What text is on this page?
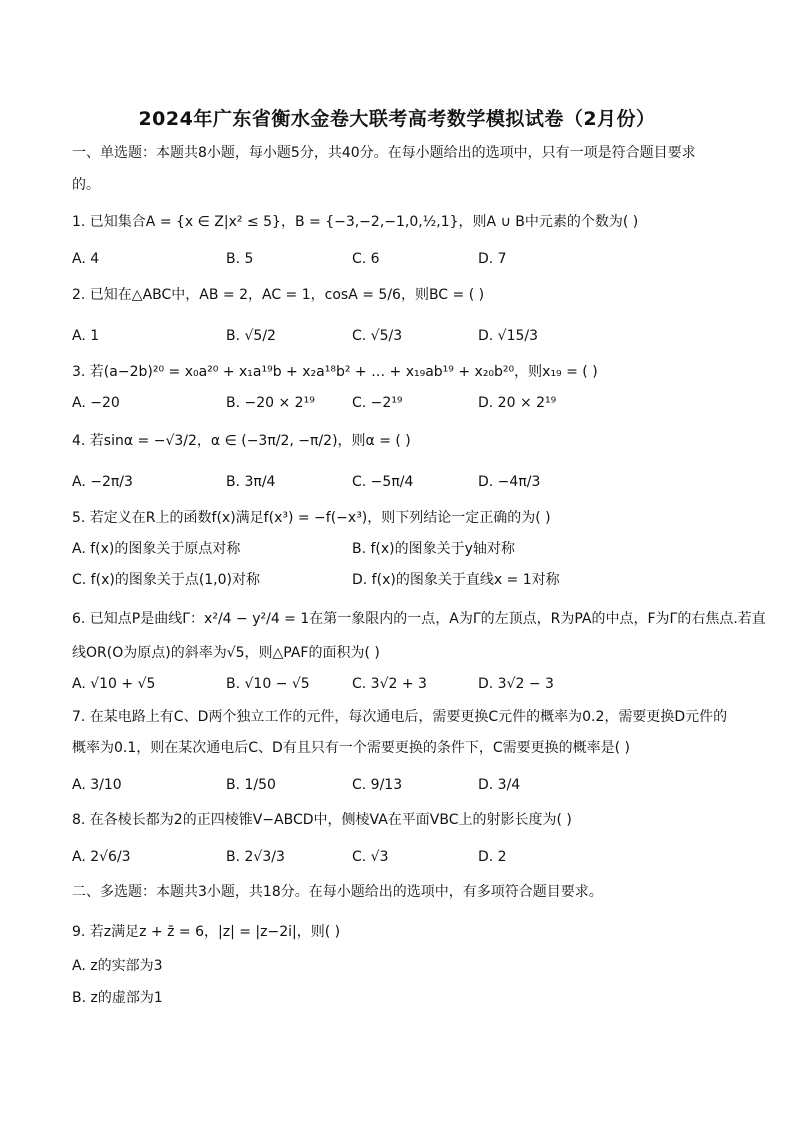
2024年广东省衡水金卷大联考高考数学模拟试卷（2月份）
一、单选题：本题共8小题，每小题5分，共40分。在每小题给出的选项中，只有一项是符合题目要求
的。
1. 已知集合A = {x ∈ Z|x² ≤ 5}，B = {−3,−2,−1,0,½,1}，则A ∪ B中元素的个数为( )
A. 4	B. 5	C. 6	D. 7
2. 已知在△ABC中，AB = 2，AC = 1，cosA = 5/6，则BC = ( )
A. 1	B. √5/2	C. √5/3	D. √15/3
3. 若(a−2b)²⁰ = x₀a²⁰ + x₁a¹⁹b + x₂a¹⁸b² + … + x₁₉ab¹⁹ + x₂₀b²⁰，则x₁₉ = ( )
A. −20	B. −20 × 2¹⁹	C. −2¹⁹	D. 20 × 2¹⁹
4. 若sinα = −√3/2，α ∈ (−3π/2, −π/2)，则α = ( )
A. −2π/3	B. 3π/4	C. −5π/4	D. −4π/3
5. 若定义在R上的函数f(x)满足f(x³) = −f(−x³)，则下列结论一定正确的为( )
A. f(x)的图象关于原点对称	B. f(x)的图象关于y轴对称
C. f(x)的图象关于点(1,0)对称	D. f(x)的图象关于直线x = 1对称
6. 已知点P是曲线Γ：x²/4 − y²/4 = 1在第一象限内的一点，A为Γ的左顶点，R为PA的中点，F为Γ的右焦点.若直
线OR(O为原点)的斜率为√5，则△PAF的面积为( )
A. √10 + √5	B. √10 − √5	C. 3√2 + 3	D. 3√2 − 3
7. 在某电路上有C、D两个独立工作的元件，每次通电后，需要更换C元件的概率为0.2，需要更换D元件的
概率为0.1，则在某次通电后C、D有且只有一个需要更换的条件下，C需要更换的概率是( )
A. 3/10	B. 1/50	C. 9/13	D. 3/4
8. 在各棱长都为2的正四棱锥V−ABCD中，侧棱VA在平面VBC上的射影长度为( )
A. 2√6/3	B. 2√3/3	C. √3	D. 2
二、多选题：本题共3小题，共18分。在每小题给出的选项中，有多项符合题目要求。
9. 若z满足z + z̄ = 6，|z| = |z−2i|，则( )
A. z的实部为3
B. z的虚部为1
